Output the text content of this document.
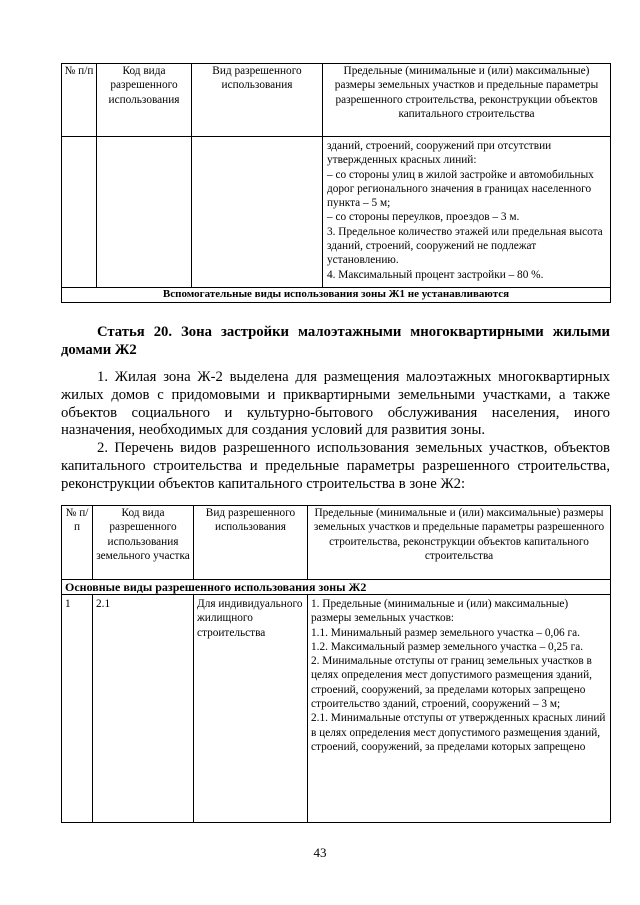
№ п/п	Код вида разрешенного использования	Вид разрешенного использования	Предельные (минимальные и (или) максимальные) размеры земельных участков и предельные параметры разрешенного строительства, реконструкции объектов капитального строительства

			зданий, строений, сооружений при отсутствии утвержденных красных линий:
– со стороны улиц в жилой застройке и автомобильных дорог регионального значения в границах населенного пункта – 5 м;
– со стороны переулков, проездов – 3 м.
3. Предельное количество этажей или предельная высота зданий, строений, сооружений не подлежат установлению.
4. Максимальный процент застройки – 80 %.

Вспомогательные виды использования зоны Ж1 не устанавливаются			
Статья 20. Зона застройки малоэтажными многоквартирными жилыми
домами Ж2
1. Жилая зона Ж-2 выделена для размещения малоэтажных многоквартирных
жилых домов с придомовыми и приквартирными земельными участками, а также
объектов социального и культурно-бытового обслуживания населения, иного
назначения, необходимых для создания условий для развития зоны.
2. Перечень видов разрешенного использования земельных участков, объектов
капитального строительства и предельные параметры разрешенного строительства,
реконструкции объектов капитального строительства в зоне Ж2:
№ п/п	Код вида разрешенного использования земельного участка	Вид разрешенного использования	Предельные (минимальные и (или) максимальные) размеры земельных участков и предельные параметры разрешенного строительства, реконструкции объектов капитального строительства
Основные виды разрешенного использования зоны Ж2			
1	2.1	Для индивидуального жилищного строительства	1. Предельные (минимальные и (или) максимальные) размеры земельных участков:
1.1. Минимальный размер земельного участка – 0,06 га.
1.2. Максимальный размер земельного участка – 0,25 га.
2. Минимальные отступы от границ земельных участков в целях определения мест допустимого размещения зданий, строений, сооружений, за пределами которых запрещено строительство зданий, строений, сооружений – 3 м;
2.1. Минимальные отступы от утвержденных красных линий в целях определения мест допустимого размещения зданий, строений, сооружений, за пределами которых запрещено
43
